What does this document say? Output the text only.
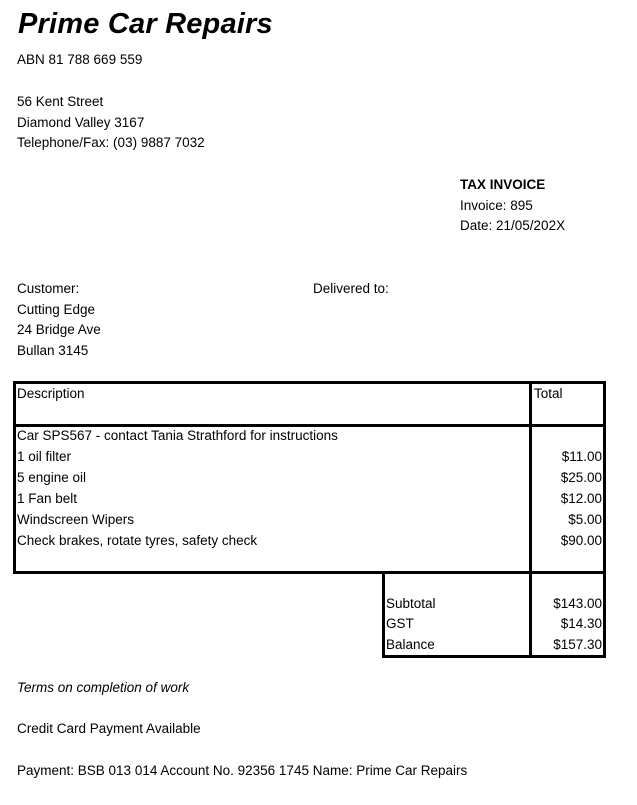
Prime Car Repairs
ABN 81 788 669 559
56 Kent Street
Diamond Valley 3167
Telephone/Fax: (03) 9887 7032
TAX INVOICE
Invoice: 895
Date: 21/05/202X
Customer:
Cutting Edge
24 Bridge Ave
Bullan 3145
Delivered to:
Description	Total
Car SPS567 - contact Tania Strathford for instructions
1 oil filter	$11.00
5 engine oil	$25.00
1 Fan belt	$12.00
Windscreen Wipers	$5.00
Check brakes, rotate tyres, safety check	$90.00
Subtotal	$143.00
GST	$14.30
Balance	$157.30
Terms on completion of work
Credit Card Payment Available
Payment: BSB 013 014 Account No. 92356 1745 Name: Prime Car Repairs
